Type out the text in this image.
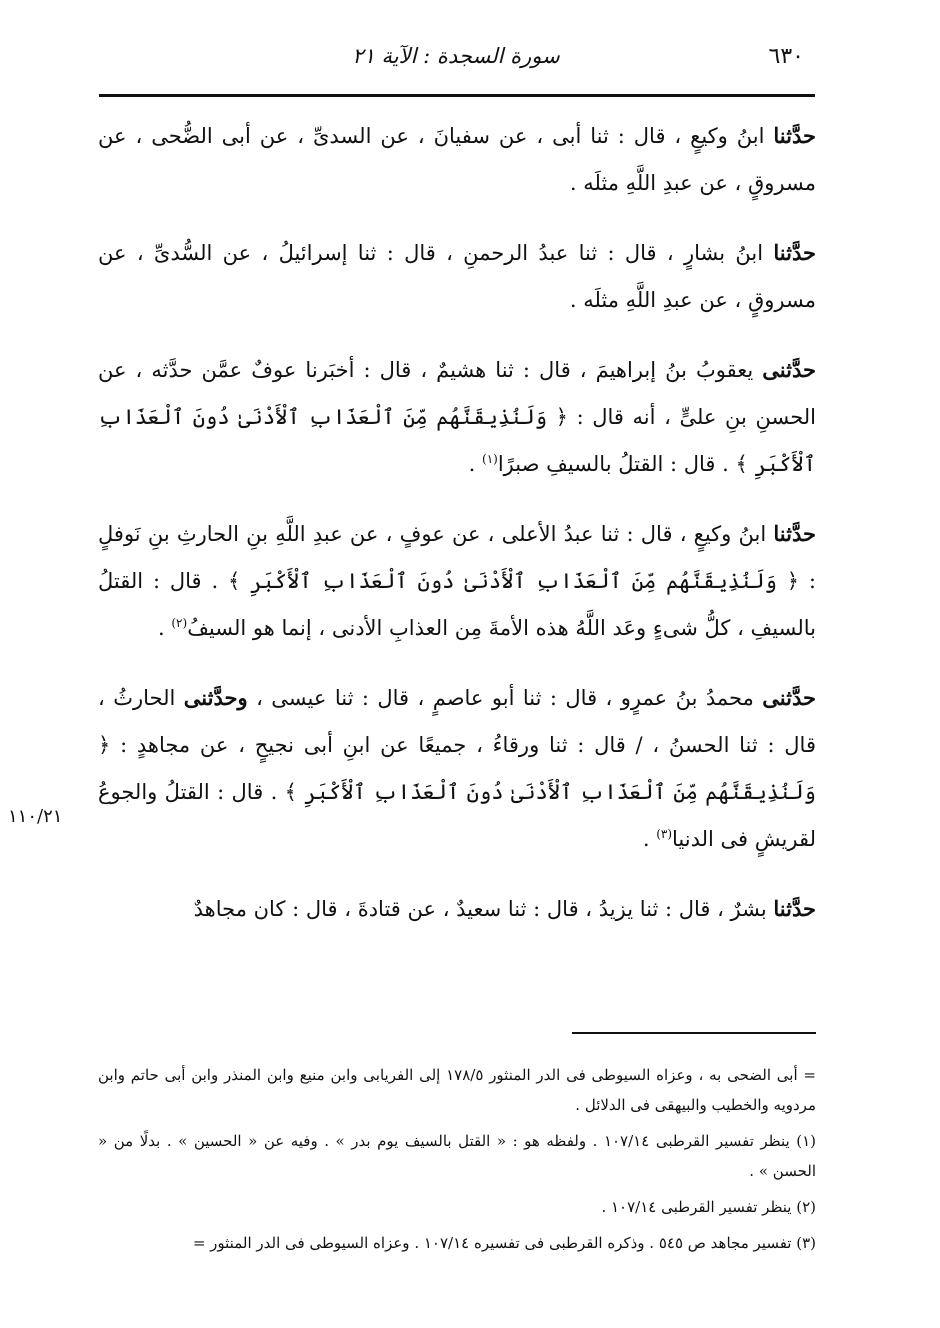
٦٣٠
سورة السجدة : الآية ٢١
١١٠/٢١

حدَّثنا ابنُ وكيعٍ ، قال : ثنا أبى ، عن سفيانَ ، عن السدىِّ ، عن أبى الضُّحى ، عن مسروقٍ ، عن عبدِ اللَّهِ مثلَه .

حدَّثنا ابنُ بشارٍ ، قال : ثنا عبدُ الرحمنِ ، قال : ثنا إسرائيلُ ، عن السُّدىِّ ، عن مسروقٍ ، عن عبدِ اللَّهِ مثلَه .

حدَّثنى يعقوبُ بنُ إبراهيمَ ، قال : ثنا هشيمٌ ، قال : أخبَرنا عوفٌ عمَّن حدَّثه ، عن الحسنِ بنِ علىٍّ ، أنه قال : ﴿ وَلَنُذِيقَنَّهُم مِّنَ ٱلْعَذَابِ ٱلْأَدْنَىٰ دُونَ ٱلْعَذَابِ ٱلْأَكْبَرِ ﴾ . قال : القتلُ بالسيفِ صبرًا$^{(١)}$ .

حدَّثنا ابنُ وكيعٍ ، قال : ثنا عبدُ الأعلى ، عن عوفٍ ، عن عبدِ اللَّهِ بنِ الحارثِ بنِ نَوفلٍ : ﴿ وَلَنُذِيقَنَّهُم مِّنَ ٱلْعَذَابِ ٱلْأَدْنَىٰ دُونَ ٱلْعَذَابِ ٱلْأَكْبَرِ ﴾ . قال : القتلُ بالسيفِ ، كلُّ شىءٍ وعَد اللَّهُ هذه الأمةَ مِن العذابِ الأدنى ، إنما هو السيفُ$^{(٢)}$ .

حدَّثنى محمدُ بنُ عمرٍو ، قال : ثنا أبو عاصمٍ ، قال : ثنا عيسى ، وحدَّثنى الحارثُ ، قال : ثنا الحسنُ ، / قال : ثنا ورقاءُ ، جميعًا عن ابنِ أبى نجيحٍ ، عن مجاهدٍ : ﴿ وَلَنُذِيقَنَّهُم مِّنَ ٱلْعَذَابِ ٱلْأَدْنَىٰ دُونَ ٱلْعَذَابِ ٱلْأَكْبَرِ ﴾ . قال : القتلُ والجوعُ لقريشٍ فى الدنيا$^{(٣)}$ .

حدَّثنا بشرٌ ، قال : ثنا يزيدُ ، قال : ثنا سعيدٌ ، عن قتادةَ ، قال : كان مجاهدٌ

= أبى الضحى به ، وعزاه السيوطى فى الدر المنثور ١٧٨/٥ إلى الفريابى وابن منيع وابن المنذر وابن أبى حاتم وابن مردويه والخطيب والبيهقى فى الدلائل .

(١) ينظر تفسير القرطبى ١٠٧/١٤ . ولفظه هو : « القتل بالسيف يوم بدر » . وفيه عن « الحسين » . بدلًا من « الحسن » .

(٢) ينظر تفسير القرطبى ١٠٧/١٤ .

(٣) تفسير مجاهد ص ٥٤٥ . وذكره القرطبى فى تفسيره ١٠٧/١٤ . وعزاه السيوطى فى الدر المنثور =
